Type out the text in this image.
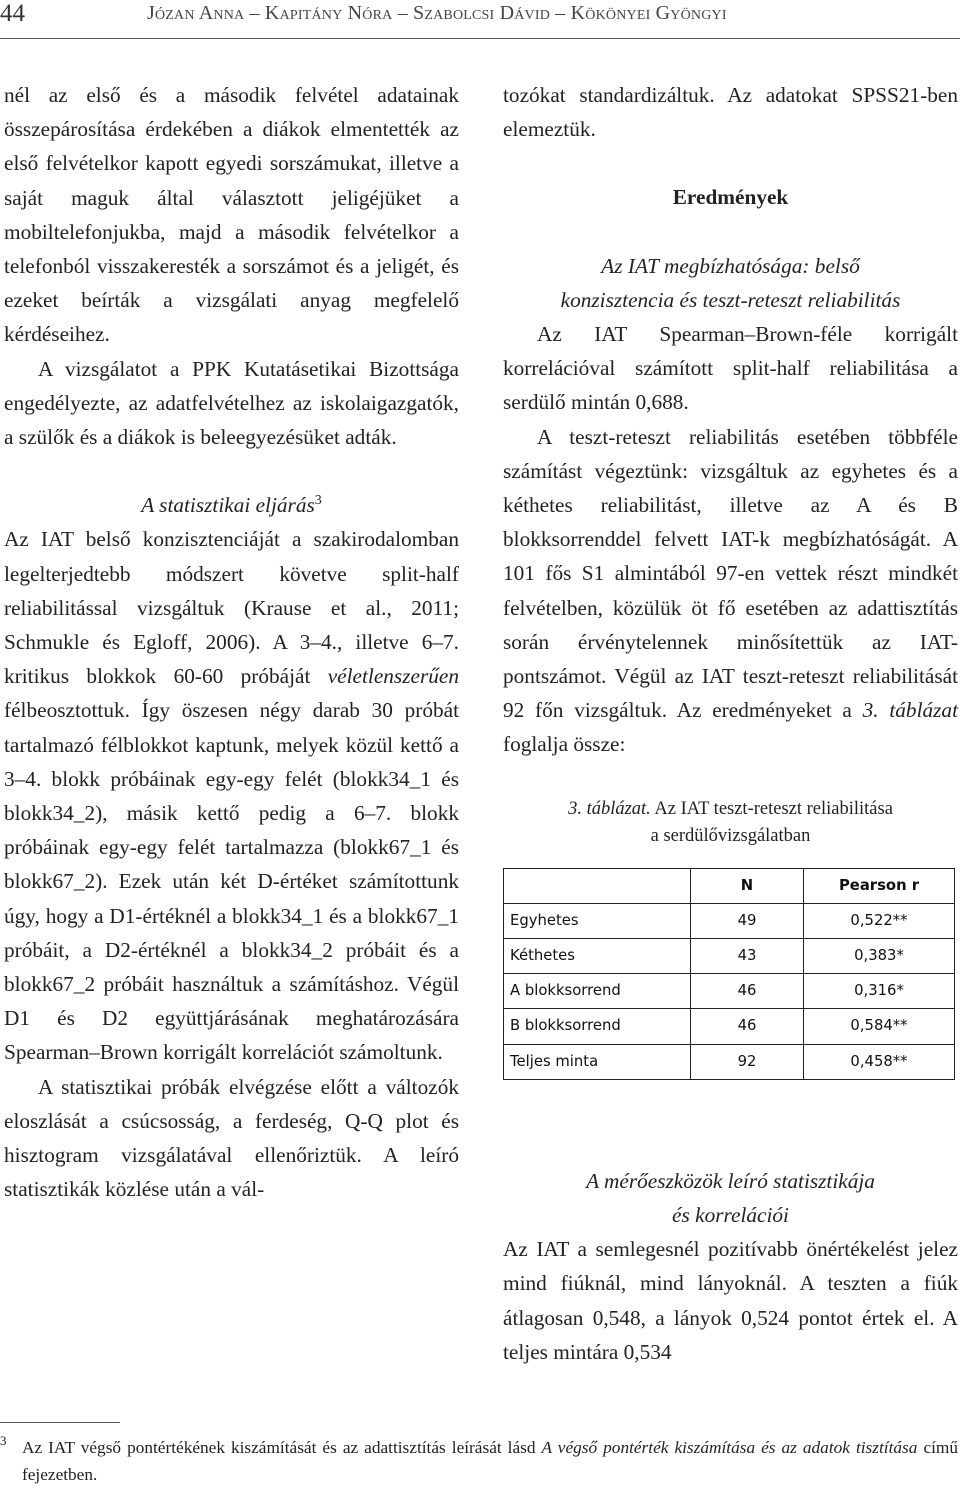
44	Józan Anna – Kapitány Nóra – Szabolcsi Dávid – Kökönyei Gyöngyi

nél az első és a második felvétel adatainak összepárosítása érdekében a diákok elmentették az első felvételkor kapott egyedi sorszámukat, illetve a saját maguk által választott jeligéjüket a mobiltelefonjukba, majd a második felvételkor a telefonból visszakeresték a sorszámot és a jeligét, és ezeket beírták a vizsgálati anyag megfelelő kérdéseihez.

A vizsgálatot a PPK Kutatásetikai Bizottsága engedélyezte, az adatfelvételhez az iskolaigazgatók, a szülők és a diákok is beleegyezésüket adták.

A statisztikai eljárás$^3$

Az IAT belső konzisztenciáját a szakirodalomban legelterjedtebb módszert követve split-half reliabilitással vizsgáltuk (Krause et al., 2011; Schmukle és Egloff, 2006). A 3–4., illetve 6–7. kritikus blokkok 60-60 próbáját véletlenszerűen félbeosztottuk. Így öszesen négy darab 30 próbát tartalmazó félblokkot kaptunk, melyek közül kettő a 3–4. blokk próbáinak egy-egy felét (blokk34_1 és blokk34_2), másik kettő pedig a 6–7. blokk próbáinak egy-egy felét tartalmazza (blokk67_1 és blokk67_2). Ezek után két D-értéket számítottunk úgy, hogy a D1-értéknél a blokk34_1 és a blokk67_1 próbáit, a D2-értéknél a blokk34_2 próbáit és a blokk67_2 próbáit használtuk a számításhoz. Végül D1 és D2 együttjárásának meghatározására Spearman–Brown korrigált korrelációt számoltunk.

A statisztikai próbák elvégzése előtt a változók eloszlását a csúcsosság, a ferdeség, Q-Q plot és hisztogram vizsgálatával ellenőriztük. A leíró statisztikák közlése után a vál-

tozókat standardizáltuk. Az adatokat SPSS21-ben elemeztük.

Eredmények

Az IAT megbízhatósága: belső

konzisztencia és teszt-reteszt reliabilitás

Az IAT Spearman–Brown-féle korrigált korrelációval számított split-half reliabilitása a serdülő mintán 0,688.

A teszt-reteszt reliabilitás esetében többféle számítást végeztünk: vizsgáltuk az egyhetes és a kéthetes reliabilitást, illetve az A és B blokksorrenddel felvett IAT-k megbízhatóságát. A 101 fős S1 almintából 97-en vettek részt mindkét felvételben, közülük öt fő esetében az adattisztítás során érvénytelennek minősítettük az IAT-pontszámot. Végül az IAT teszt-reteszt reliabilitását 92 főn vizsgáltuk. Az eredményeket a 3. táblázat foglalja össze:

3. táblázat. Az IAT teszt-reteszt reliabilitása

a serdülővizsgálatban

	N	Pearson r
Egyhetes	49	0,522**
Kéthetes	43	0,383*
A blokksorrend	46	0,316*
B blokksorrend	46	0,584**
Teljes minta	92	0,458**

A mérőeszközök leíró statisztikája

és korrelációi

Az IAT a semlegesnél pozitívabb önértékelést jelez mind fiúknál, mind lányoknál. A teszten a fiúk átlagosan 0,548, a lányok 0,524 pontot értek el. A teljes mintára 0,534

3 Az IAT végső pontértékének kiszámítását és az adattisztítás leírását lásd A végső pontérték kiszámítása és az adatok tisztítása című fejezetben.
